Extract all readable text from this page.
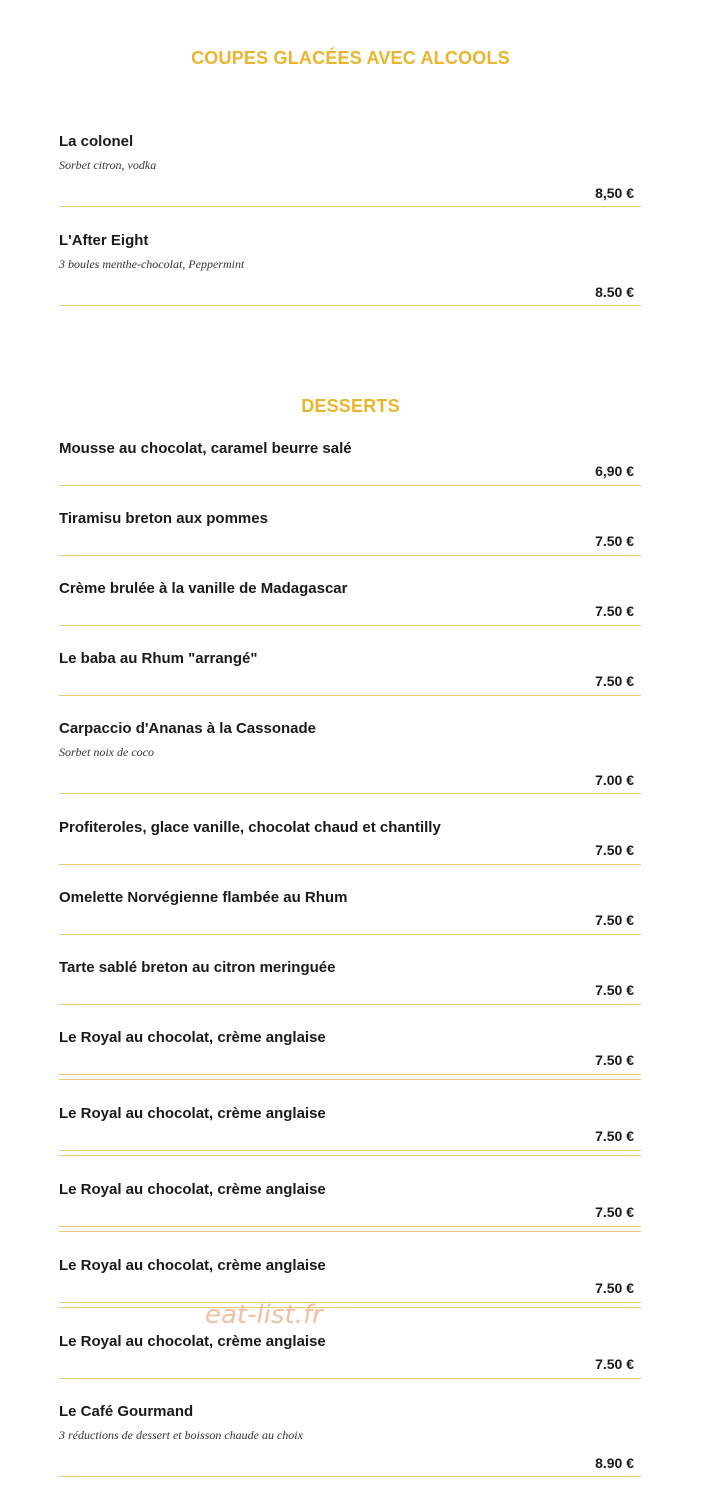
COUPES GLACÉES AVEC ALCOOLS
La colonel
Sorbet citron, vodka
8,50 €
L'After Eight
3 boules menthe-chocolat, Peppermint
8.50 €
DESSERTS
Mousse au chocolat, caramel beurre salé
6,90 €
Tiramisu breton aux pommes
7.50 €
Crème brulée à la vanille de Madagascar
7.50 €
Le baba au Rhum "arrangé"
7.50 €
Carpaccio d'Ananas à la Cassonade
Sorbet noix de coco
7.00 €
Profiteroles, glace vanille, chocolat chaud et chantilly
7.50 €
Omelette Norvégienne flambée au Rhum
7.50 €
Tarte sablé breton au citron meringuée
7.50 €
Le Royal au chocolat, crème anglaise
7.50 €
Le Royal au chocolat, crème anglaise
7.50 €
Le Royal au chocolat, crème anglaise
7.50 €
Le Royal au chocolat, crème anglaise
7.50 €
Le Royal au chocolat, crème anglaise
7.50 €
Le Café Gourmand
3 réductions de dessert et boisson chaude au choix
8.90 €
eat-list.fr
